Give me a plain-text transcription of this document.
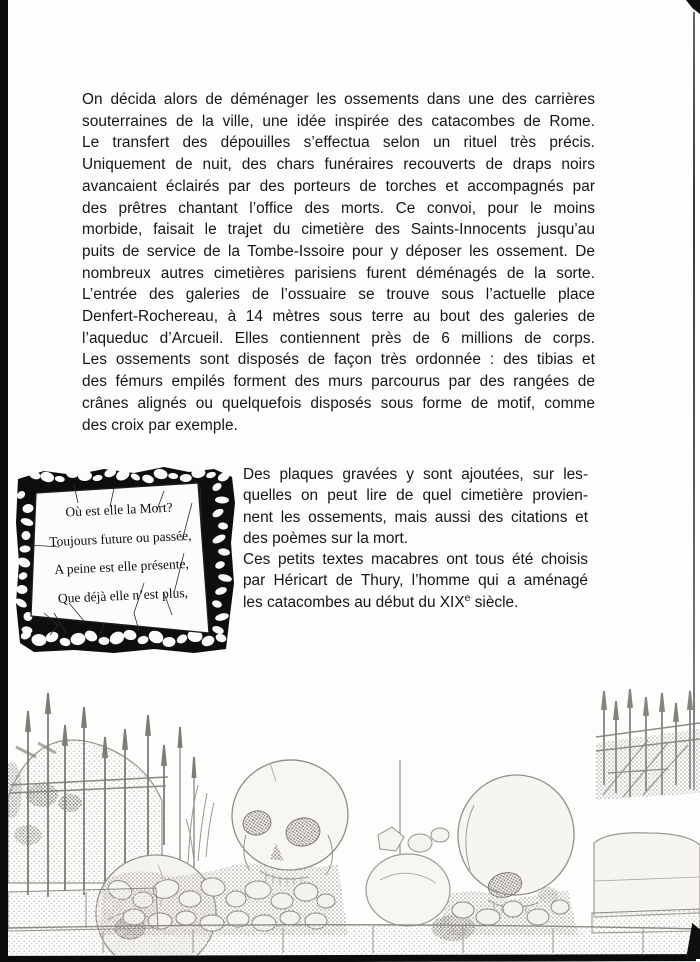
On décida alors de déménager les ossements dans une des carrières
souterraines de la ville, une idée inspirée des catacombes de Rome.
Le transfert des dépouilles s’effectua selon un rituel très précis.
Uniquement de nuit, des chars funéraires recouverts de draps noirs
avancaient éclairés par des porteurs de torches et accompagnés par
des prêtres chantant l’office des morts. Ce convoi, pour le moins
morbide, faisait le trajet du cimetière des Saints-Innocents jusqu’au
puits de service de la Tombe-Issoire pour y déposer les ossement. De
nombreux autres cimetières parisiens furent déménagés de la sorte.
L’entrée des galeries de l’ossuaire se trouve sous l’actuelle place
Denfert-Rochereau, à 14 mètres sous terre au bout des galeries de
l’aqueduc d’Arcueil. Elles contiennent près de 6 millions de corps.
Les ossements sont disposés de façon très ordonnée : des tibias et
des fémurs empilés forment des murs parcourus par des rangées de
crânes alignés ou quelquefois disposés sous forme de motif, comme
des croix par exemple.
Où est elle la Mort?
Toujours future ou passée,
A peine est elle présente,
Que déjà elle n’est plus,
Des plaques gravées y sont ajoutées, sur les-
quelles on peut lire de quel cimetière provien-
nent les ossements, mais aussi des citations et
des poèmes sur la mort.
Ces petits textes macabres ont tous été choisis
par Héricart de Thury, l’homme qui a aménagé
les catacombes au début du XIXe siècle.
